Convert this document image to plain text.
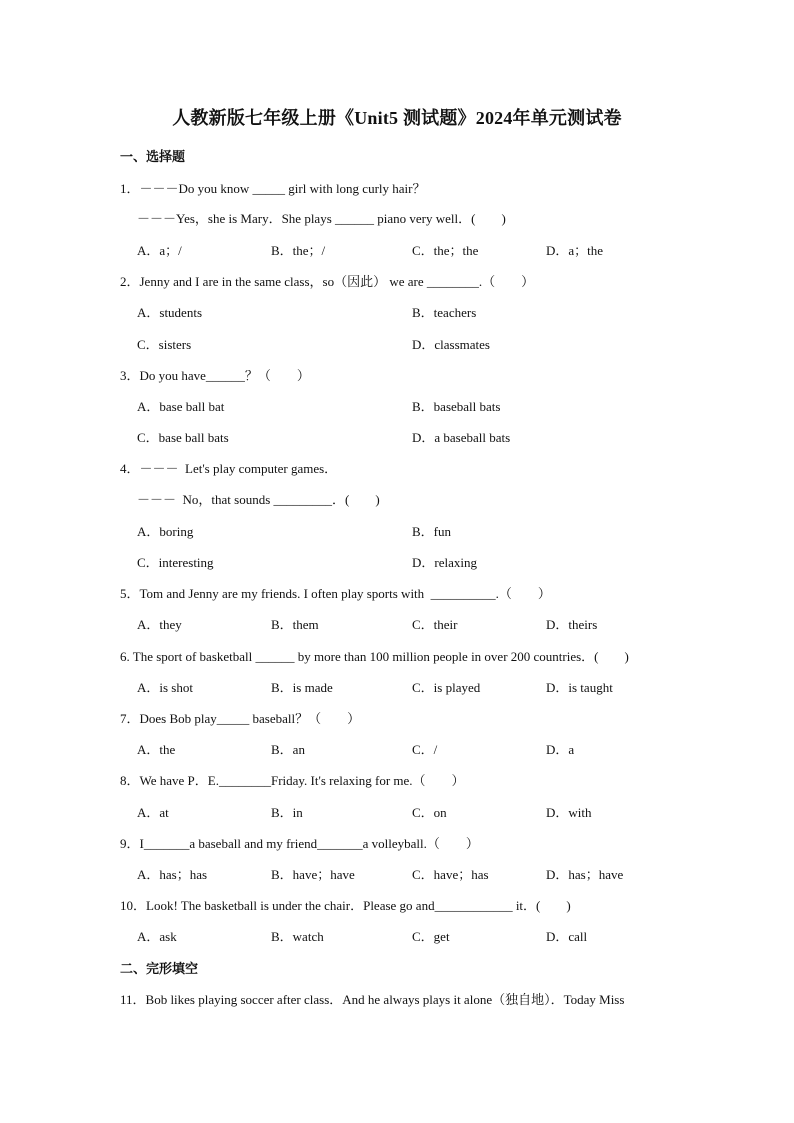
人教新版七年级上册《Unit5 测试题》2024年单元测试卷
一、选择题
1．－－－Do you know _____ girl with long curly hair？
－－－Yes，she is Mary．She plays ______ piano very well．(　　)
A．a；/	B．the；/	C．the；the	D．a；the
2．Jenny and I are in the same class，so（因此） we are ________.（　　）
A．students	B．teachers
C．sisters	D．classmates
3．Do you have______？（　　）
A．base ball bat	B．baseball bats
C．base ball bats	D．a baseball bats
4．－－－  Let's play computer games．
－－－  No，that sounds _________．(　　)
A．boring	B．fun
C．interesting	D．relaxing
5．Tom and Jenny are my friends. I often play sports with  __________.（　　）
A．they	B．them	C．their	D．theirs
6. The sport of basketball ______ by more than 100 million people in over 200 countries．(　　)
A．is shot	B．is made	C．is played	D．is taught
7．Does Bob play_____ baseball？（　　）
A．the	B．an	C．/	D．a
8．We have P．E.________Friday. It's relaxing for me.（　　）
A．at	B．in	C．on	D．with
9．I_______a baseball and my friend_______a volleyball.（　　）
A．has；has	B．have；have	C．have；has	D．has；have
10．Look! The basketball is under the chair．Please go and____________ it．(　　)
A．ask	B．watch	C．get	D．call
二、完形填空
11．Bob likes playing soccer after class．And he always plays it alone（独自地）．Today Miss
